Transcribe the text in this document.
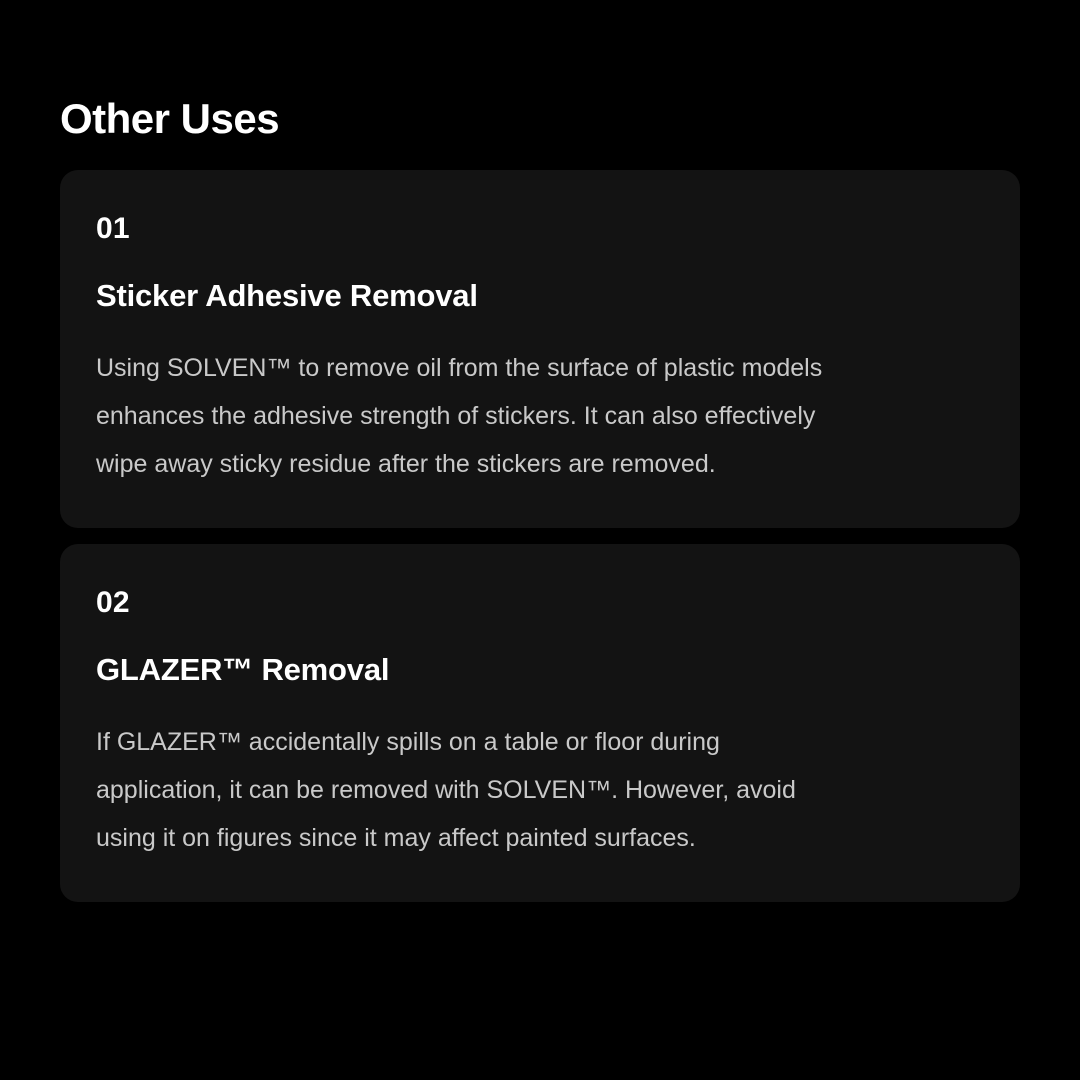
Other Uses
01
Sticker Adhesive Removal

Using SOLVEN™ to remove oil from the surface of plastic models enhances the adhesive strength of stickers. It can also effectively wipe away sticky residue after the stickers are removed.

02
GLAZER™ Removal

If GLAZER™ accidentally spills on a table or floor during application, it can be removed with SOLVEN™. However, avoid using it on figures since it may affect painted surfaces.
